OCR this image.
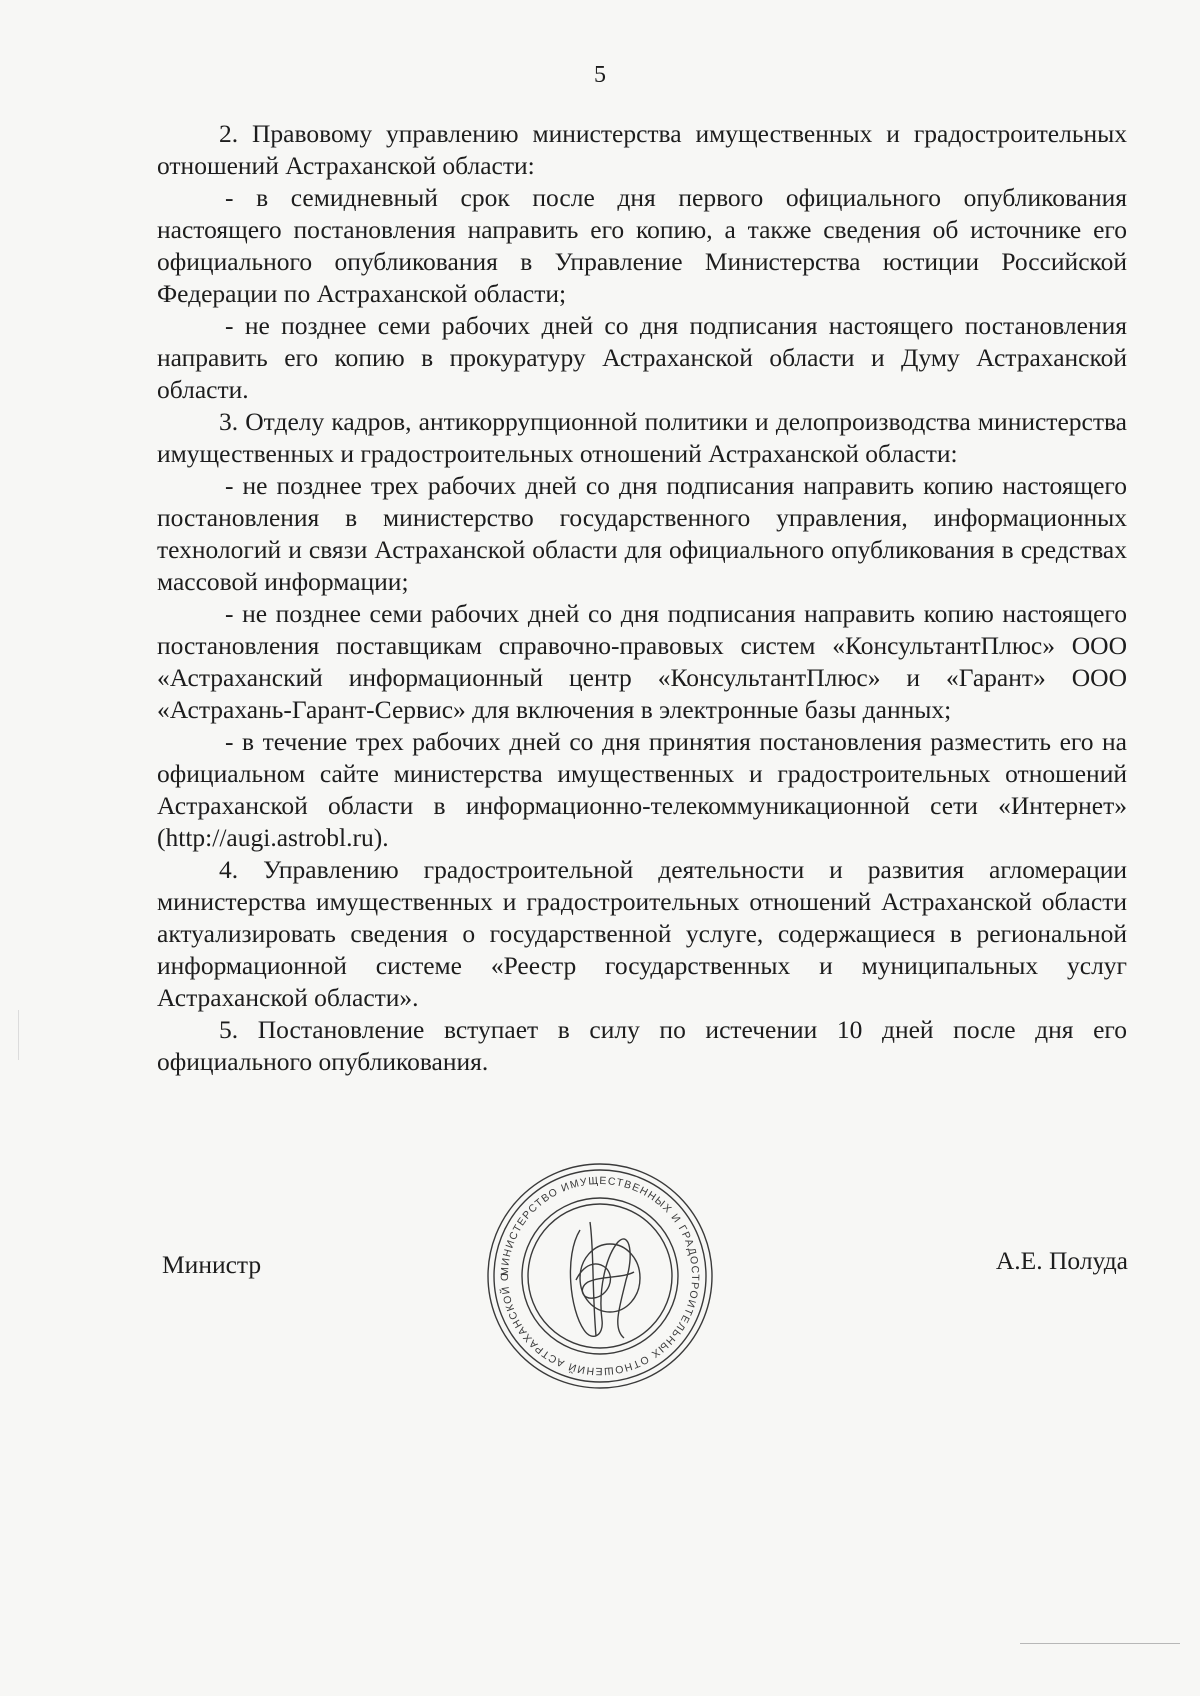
5

2. Правовому управлению министерства имущественных и градостроительных отношений Астраханской области:

- в семидневный срок после дня первого официального опубликования настоящего постановления направить его копию, а также сведения об источнике его официального опубликования в Управление Министерства юстиции Российской Федерации по Астраханской области;

- не позднее семи рабочих дней со дня подписания настоящего постановления направить его копию в прокуратуру Астраханской области и Думу Астраханской области.

3. Отделу кадров, антикоррупционной политики и делопроизводства министерства имущественных и градостроительных отношений Астраханской области:

- не позднее трех рабочих дней со дня подписания направить копию настоящего постановления в министерство государственного управления, информационных технологий и связи Астраханской области для официального опубликования в средствах массовой информации;

- не позднее семи рабочих дней со дня подписания направить копию настоящего постановления поставщикам справочно-правовых систем «КонсультантПлюс» ООО «Астраханский информационный центр «КонсультантПлюс» и «Гарант» ООО «Астрахань-Гарант-Сервис» для включения в электронные базы данных;

- в течение трех рабочих дней со дня принятия постановления разместить его на официальном сайте министерства имущественных и градостроительных отношений Астраханской области в информационно-телекоммуникационной сети «Интернет» (http://augi.astrobl.ru).

4. Управлению градостроительной деятельности и развития агломерации министерства имущественных и градостроительных отношений Астраханской области актуализировать сведения о государственной услуге, содержащиеся в региональной информационной системе «Реестр государственных и муниципальных услуг Астраханской области».

5. Постановление вступает в силу по истечении 10 дней после дня его официального опубликования.

МИНИСТЕРСТВО ИМУЩЕСТВЕННЫХ И ГРАДОСТРОИТЕЛЬНЫХ ОТНОШЕНИЙ АСТРАХАНСКОЙ О
Министр	А.Е. Полуда
